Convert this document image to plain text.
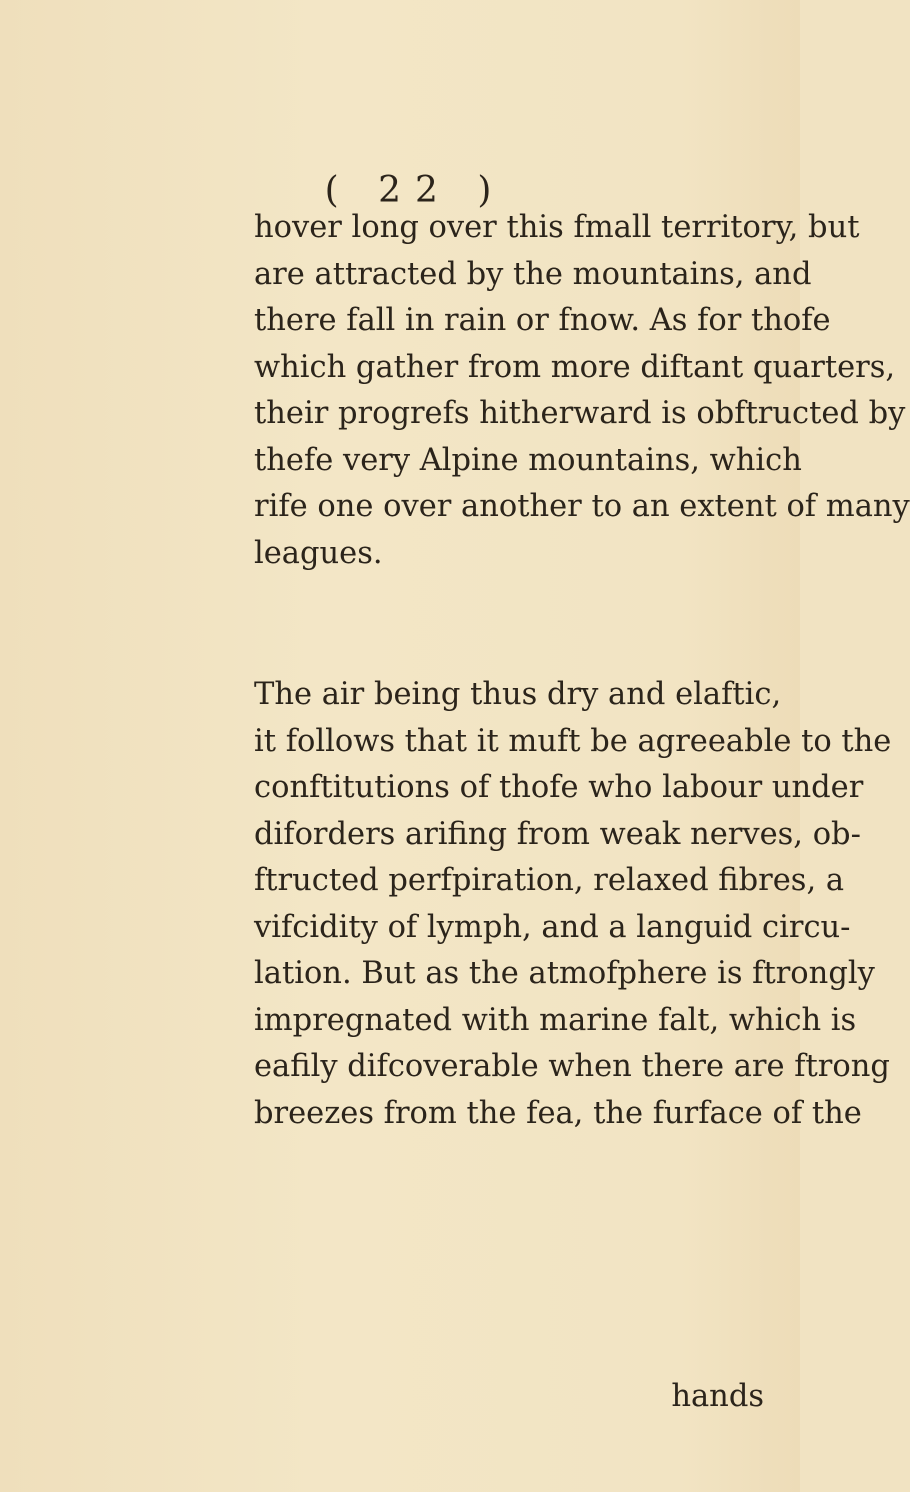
( 22 )

hover long over this fmall territory, but
are attracted by the mountains, and
there fall in rain or fnow. As for thofe
which gather from more diftant quarters,
their progrefs hitherward is obftructed by
thefe very Alpine mountains, which
rife one over another to an extent of many
leagues.

The air being thus dry and elaftic,
it follows that it muft be agreeable to the
conftitutions of thofe who labour under
diforders arifing from weak nerves, ob-
ftructed perfpiration, relaxed fibres, a
vifcidity of lymph, and a languid circu-
lation. But as the atmofphere is ftrongly
impregnated with marine falt, which is
eafily difcoverable when there are ftrong
breezes from the fea, the furface of the

hands
